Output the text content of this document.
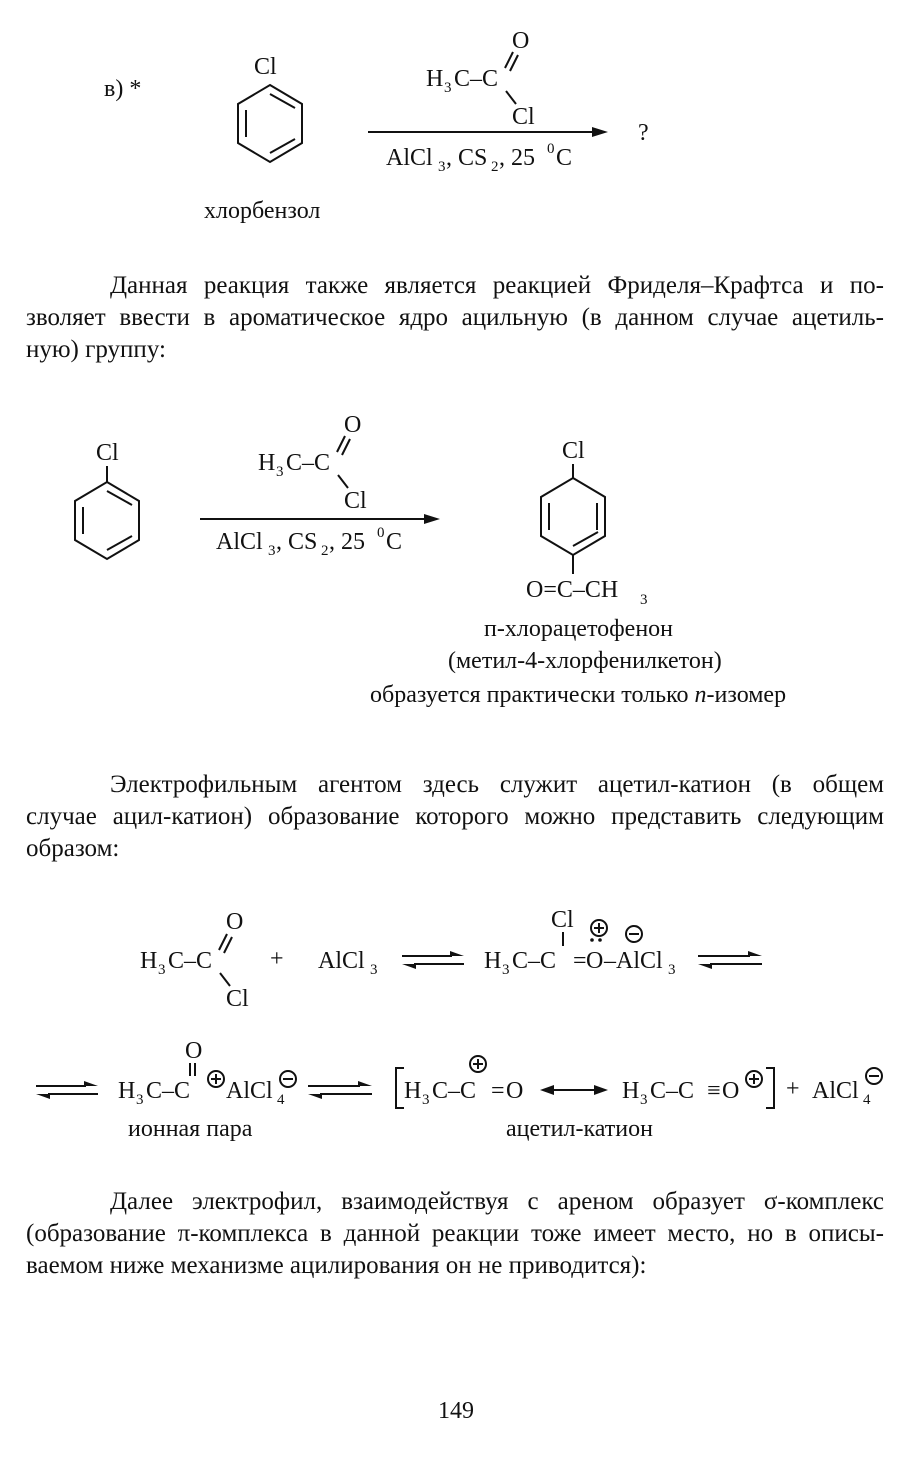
в) *
Cl
хлорбензол
?
H 3 C–C
O
Cl
AlCl 3 , CS 2 , 25 0 C
Данная реакция также является реакцией Фриделя–Крафтса и по-
зволяет ввести в ароматическое ядро ацильную (в данном случае ацетиль-
ную) группу:
Cl	Cl
п-хлорацетофенон
(метил-4-хлорфенилкетон)
образуется практически только п-изомер
H 3 C–C
O
Cl
AlCl 3 , CS 2 , 25 0 C
O=C–CH 3
Электрофильным агентом здесь служит ацетил-катион (в общем
случае ацил-катион) образование которого можно представить следующим
образом:
ионная пара	ацетил-катион
H 3 C–C
O
Cl
+ AlCl 3	H 3 C–C
Cl
= O – AlCl 3
H 3 C–C
O
AlCl 4	H 3 C–C = O	H 3 C–C ≡ O + AlCl 4
Далее электрофил, взаимодействуя с ареном образует σ-комплекс
(образование π-комплекса в данной реакции тоже имеет место, но в описы-
ваемом ниже механизме ацилирования он не приводится):
149
